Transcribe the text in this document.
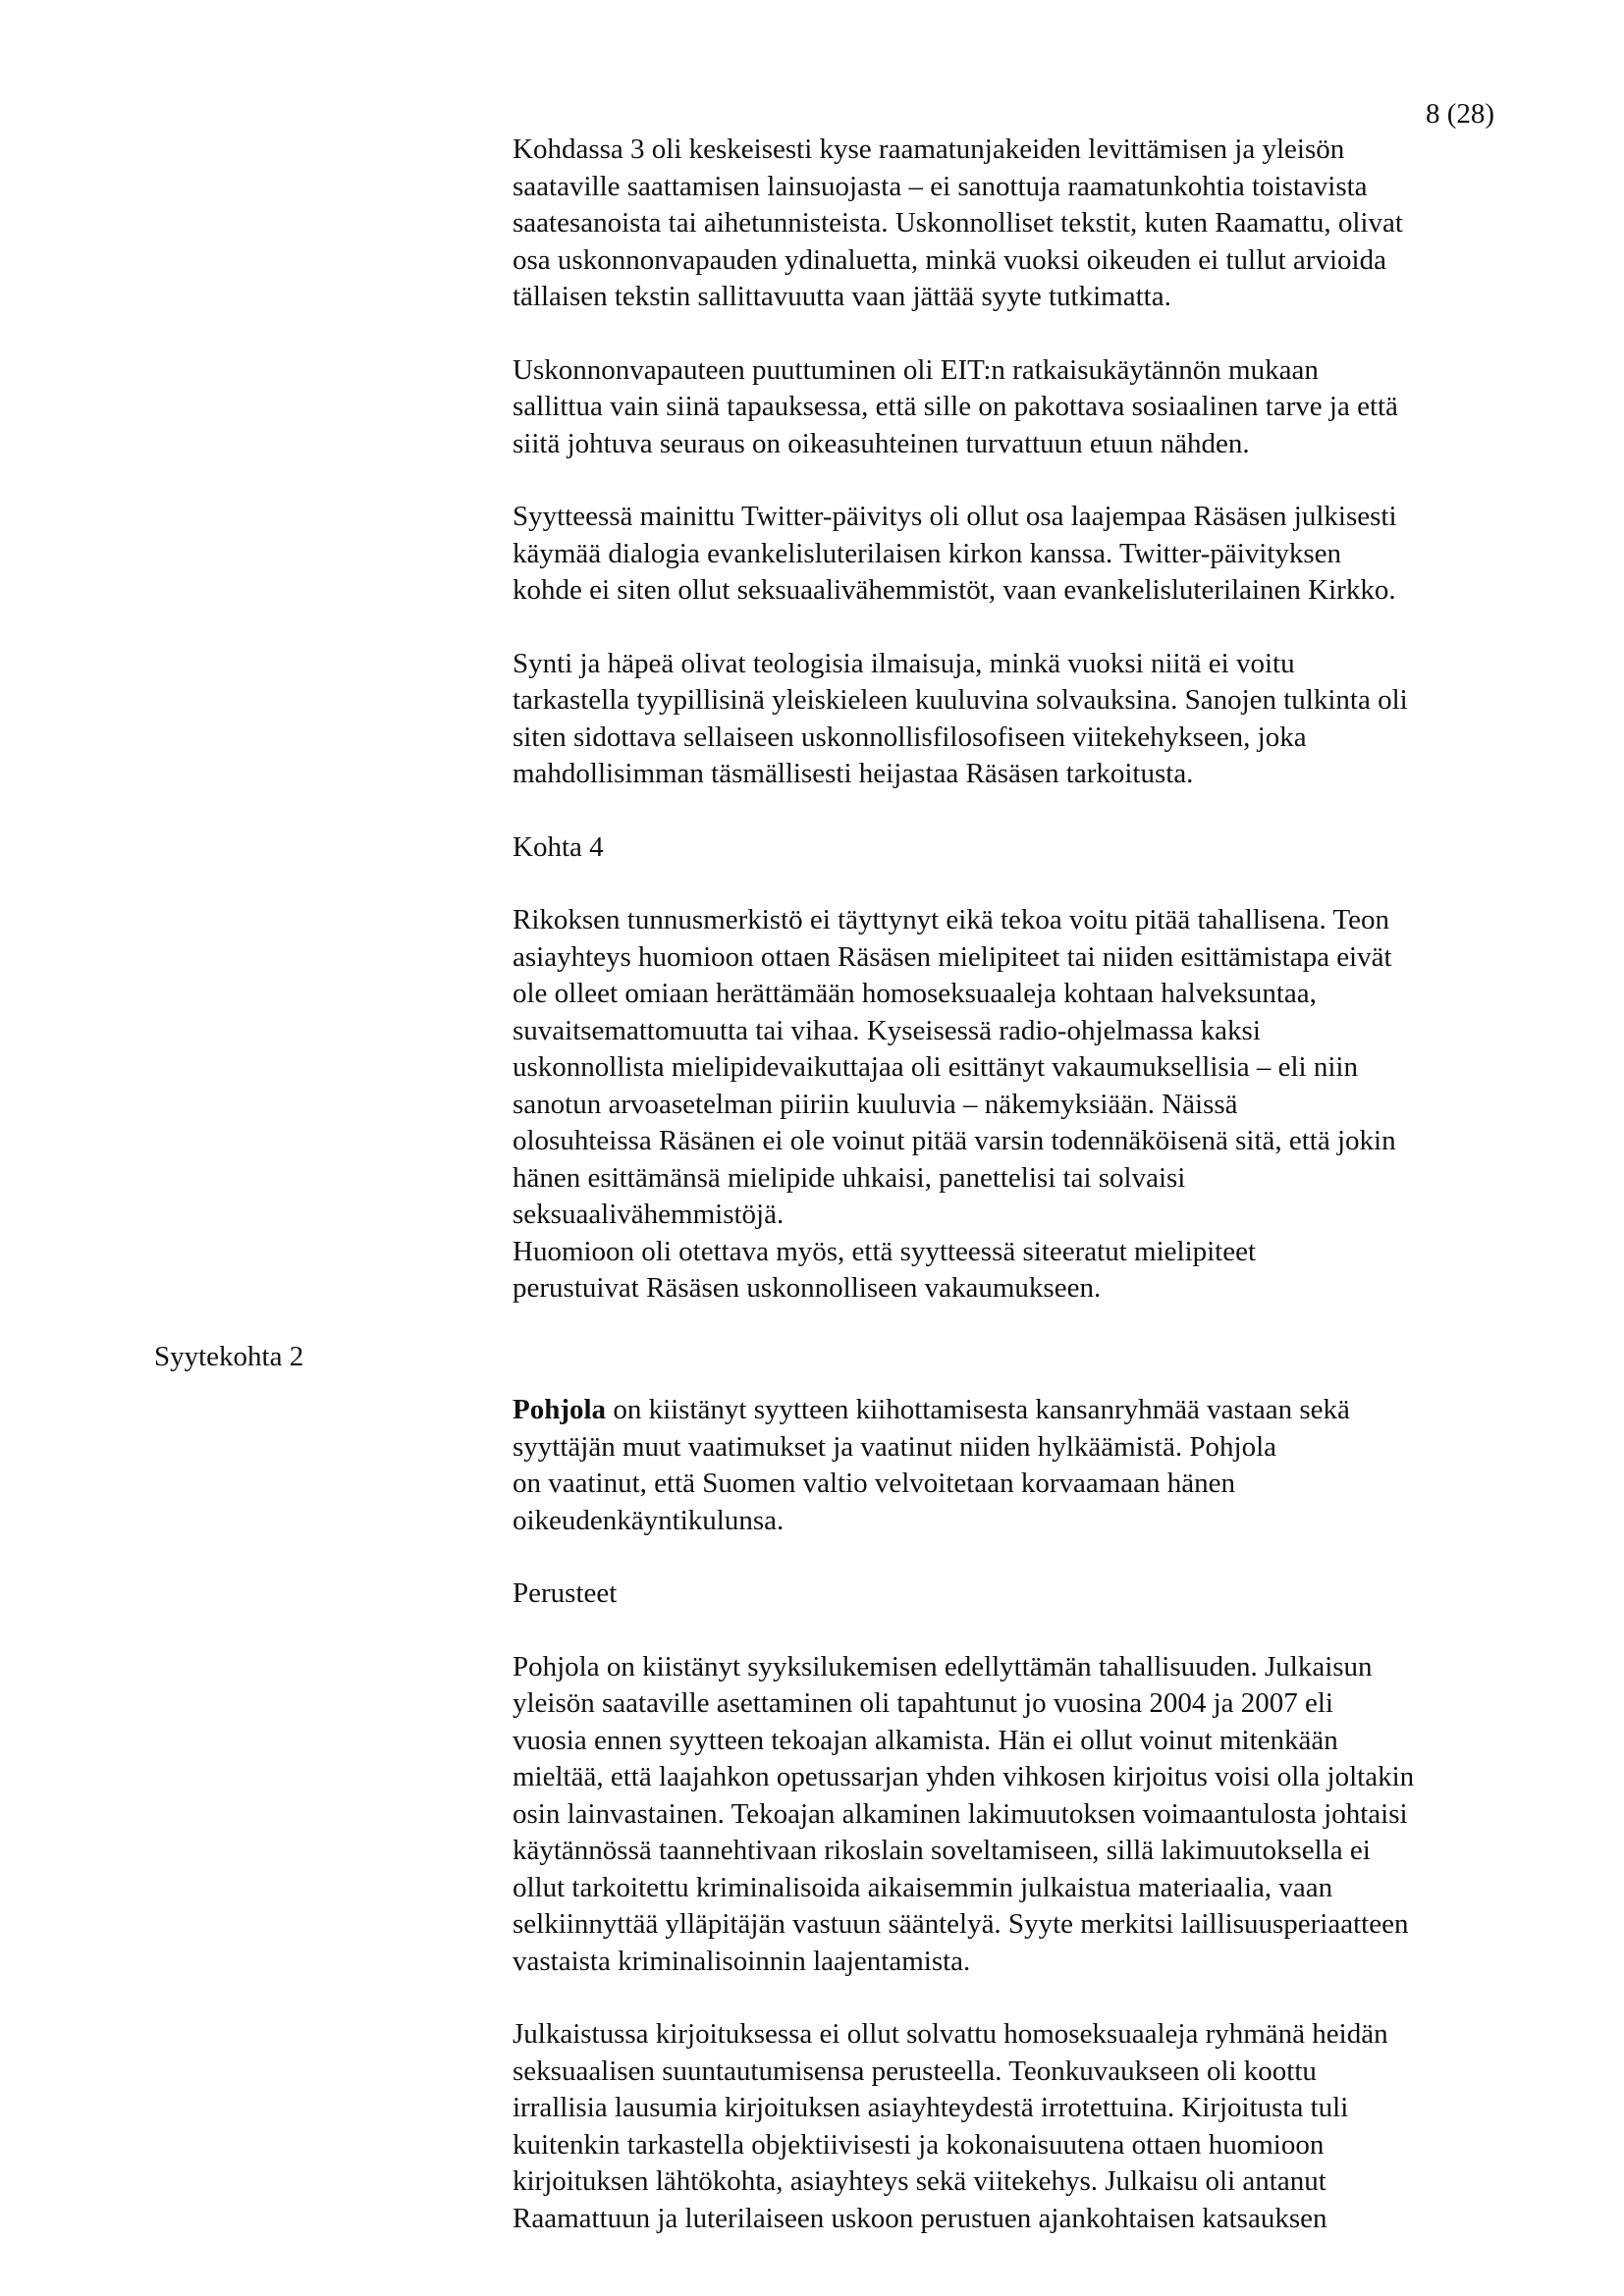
8 (28)

Kohdassa 3 oli keskeisesti kyse raamatunjakeiden levittämisen ja yleisön
saataville saattamisen lainsuojasta – ei sanottuja raamatunkohtia toistavista
saatesanoista tai aihetunnisteista. Uskonnolliset tekstit, kuten Raamattu, olivat
osa uskonnonvapauden ydinaluetta, minkä vuoksi oikeuden ei tullut arvioida
tällaisen tekstin sallittavuutta vaan jättää syyte tutkimatta.

Uskonnonvapauteen puuttuminen oli EIT:n ratkaisukäytännön mukaan
sallittua vain siinä tapauksessa, että sille on pakottava sosiaalinen tarve ja että
siitä johtuva seuraus on oikeasuhteinen turvattuun etuun nähden.

Syytteessä mainittu Twitter-päivitys oli ollut osa laajempaa Räsäsen julkisesti
käymää dialogia evankelisluterilaisen kirkon kanssa. Twitter-päivityksen
kohde ei siten ollut seksuaalivähemmistöt, vaan evankelisluterilainen Kirkko.

Synti ja häpeä olivat teologisia ilmaisuja, minkä vuoksi niitä ei voitu
tarkastella tyypillisinä yleiskieleen kuuluvina solvauksina. Sanojen tulkinta oli
siten sidottava sellaiseen uskonnollisfilosofiseen viitekehykseen, joka
mahdollisimman täsmällisesti heijastaa Räsäsen tarkoitusta.

Kohta 4

Rikoksen tunnusmerkistö ei täyttynyt eikä tekoa voitu pitää tahallisena. Teon
asiayhteys huomioon ottaen Räsäsen mielipiteet tai niiden esittämistapa eivät
ole olleet omiaan herättämään homoseksuaaleja kohtaan halveksuntaa,
suvaitsemattomuutta tai vihaa. Kyseisessä radio-ohjelmassa kaksi
uskonnollista mielipidevaikuttajaa oli esittänyt vakaumuksellisia – eli niin
sanotun arvoasetelman piiriin kuuluvia – näkemyksiään. Näissä
olosuhteissa Räsänen ei ole voinut pitää varsin todennäköisenä sitä, että jokin
hänen esittämänsä mielipide uhkaisi, panettelisi tai solvaisi
seksuaalivähemmistöjä.
Huomioon oli otettava myös, että syytteessä siteeratut mielipiteet
perustuivat Räsäsen uskonnolliseen vakaumukseen.

Syytekohta 2

Pohjola on kiistänyt syytteen kiihottamisesta kansanryhmää vastaan sekä
syyttäjän muut vaatimukset ja vaatinut niiden hylkäämistä. Pohjola
on vaatinut, että Suomen valtio velvoitetaan korvaamaan hänen
oikeudenkäyntikulunsa.

Perusteet

Pohjola on kiistänyt syyksilukemisen edellyttämän tahallisuuden. Julkaisun
yleisön saataville asettaminen oli tapahtunut jo vuosina 2004 ja 2007 eli
vuosia ennen syytteen tekoajan alkamista. Hän ei ollut voinut mitenkään
mieltää, että laajahkon opetussarjan yhden vihkosen kirjoitus voisi olla joltakin
osin lainvastainen. Tekoajan alkaminen lakimuutoksen voimaantulosta johtaisi
käytännössä taannehtivaan rikoslain soveltamiseen, sillä lakimuutoksella ei
ollut tarkoitettu kriminalisoida aikaisemmin julkaistua materiaalia, vaan
selkiinnyttää ylläpitäjän vastuun sääntelyä. Syyte merkitsi laillisuusperiaatteen
vastaista kriminalisoinnin laajentamista.

Julkaistussa kirjoituksessa ei ollut solvattu homoseksuaaleja ryhmänä heidän
seksuaalisen suuntautumisensa perusteella. Teonkuvaukseen oli koottu
irrallisia lausumia kirjoituksen asiayhteydestä irrotettuina. Kirjoitusta tuli
kuitenkin tarkastella objektiivisesti ja kokonaisuutena ottaen huomioon
kirjoituksen lähtökohta, asiayhteys sekä viitekehys. Julkaisu oli antanut
Raamattuun ja luterilaiseen uskoon perustuen ajankohtaisen katsauksen
